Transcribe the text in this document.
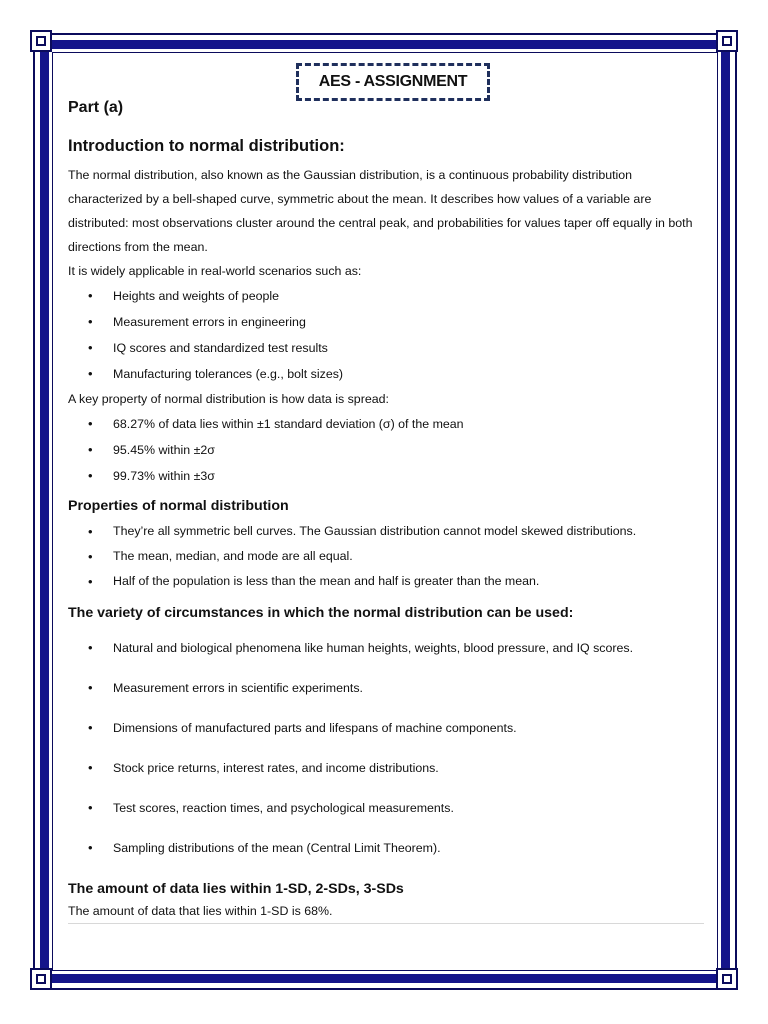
AES - ASSIGNMENT
Part (a)
Introduction to normal distribution:

The normal distribution, also known as the Gaussian distribution, is a continuous probability distribution characterized by a bell-shaped curve, symmetric about the mean. It describes how values of a variable are distributed: most observations cluster around the central peak, and probabilities for values taper off equally in both directions from the mean.

It is widely applicable in real-world scenarios such as:

• Heights and weights of people
• Measurement errors in engineering
• IQ scores and standardized test results
• Manufacturing tolerances (e.g., bolt sizes)

A key property of normal distribution is how data is spread:

• 68.27% of data lies within ±1 standard deviation (σ) of the mean
• 95.45% within ±2σ
• 99.73% within ±3σ
Properties of normal distribution
• They’re all symmetric bell curves. The Gaussian distribution cannot model skewed distributions.
• The mean, median, and mode are all equal.
• Half of the population is less than the mean and half is greater than the mean.
The variety of circumstances in which the normal distribution can be used:
• Natural and biological phenomena like human heights, weights, blood pressure, and IQ scores.
• Measurement errors in scientific experiments.
• Dimensions of manufactured parts and lifespans of machine components.
• Stock price returns, interest rates, and income distributions.
• Test scores, reaction times, and psychological measurements.
• Sampling distributions of the mean (Central Limit Theorem).
The amount of data lies within 1-SD, 2-SDs, 3-SDs

The amount of data that lies within 1-SD is 68%.
